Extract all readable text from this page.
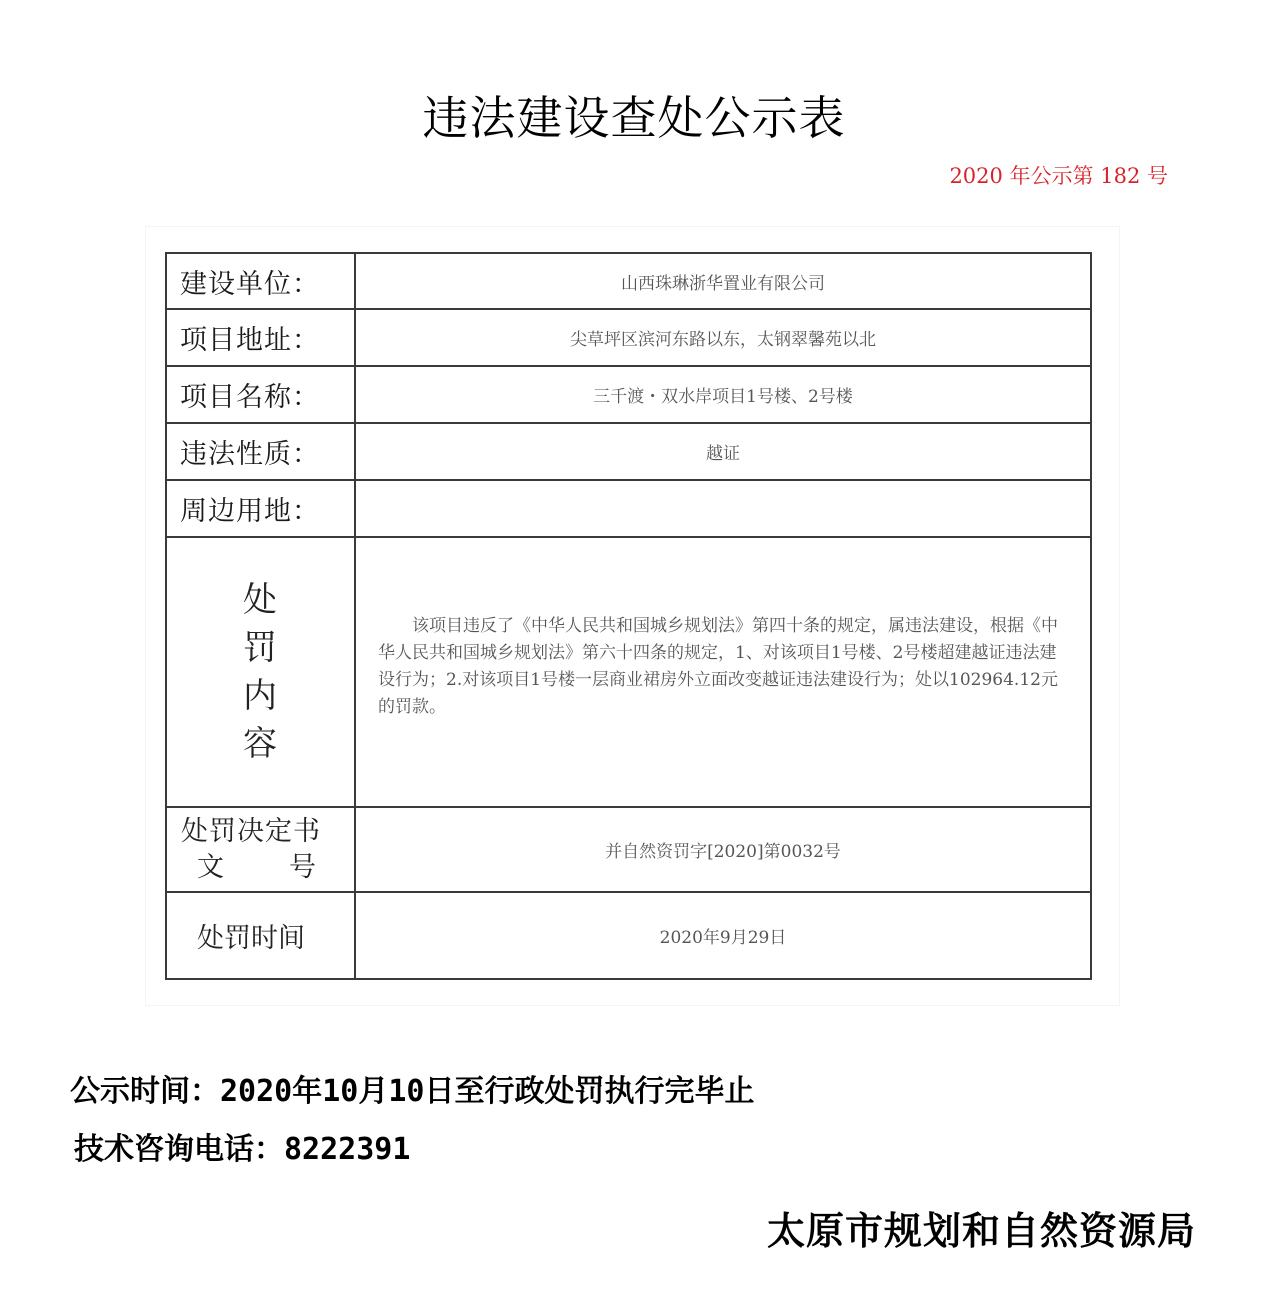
违法建设查处公示表
2020 年公示第 182 号
建设单位：	山西珠琳浙华置业有限公司
项目地址：	尖草坪区滨河东路以东，太钢翠馨苑以北
项目名称：	三千渡・双水岸项目1号楼、2号楼
违法性质：	越证
周边用地：	

处
罚
内
容	该项目违反了《中华人民共和国城乡规划法》第四十条的规定，属违法建设，根据《中华人民共和国城乡规划法》第六十四条的规定，1、对该项目1号楼、2号楼超建越证违法建设行为；2.对该项目1号楼一层商业裙房外立面改变越证违法建设行为；处以102964.12元的罚款。

处罚决定书
文 号	并自然资罚字[2020]第0032号
处罚时间	2020年9月29日
公示时间：2020年10月10日至行政处罚执行完毕止
技术咨询电话：8222391
太原市规划和自然资源局
